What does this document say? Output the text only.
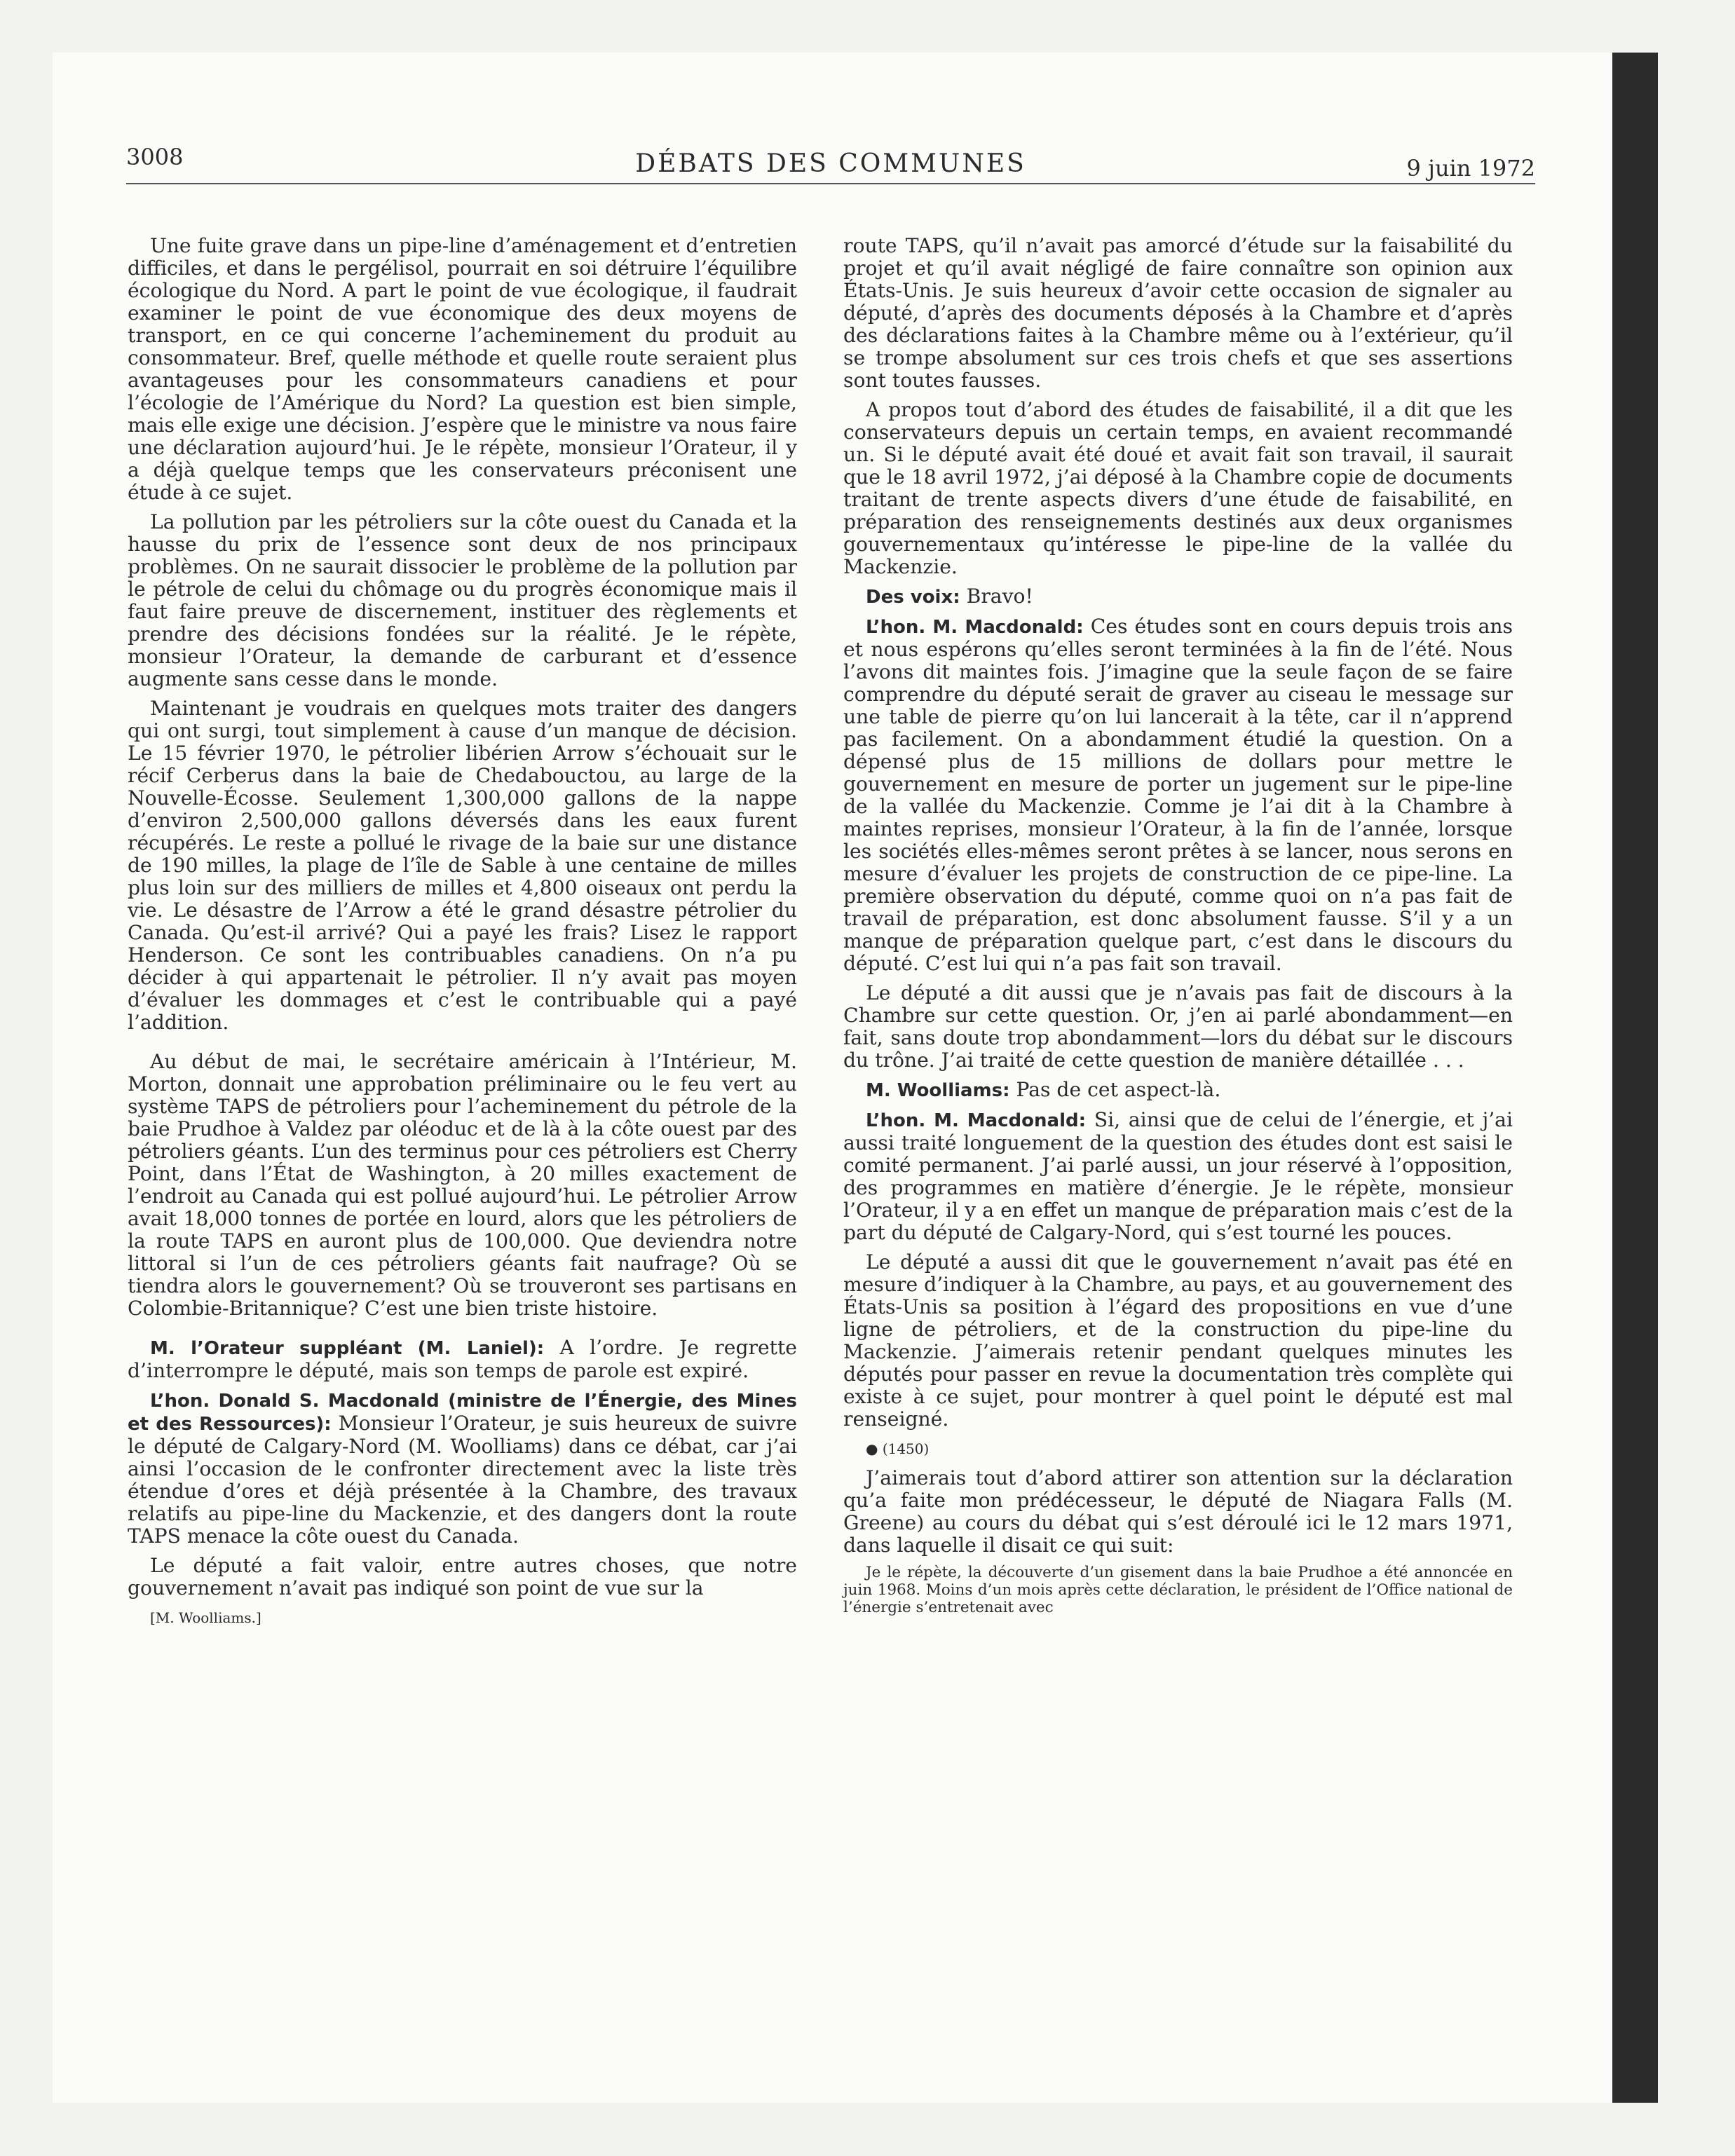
3008	DÉBATS DES COMMUNES	9 juin 1972

Une fuite grave dans un pipe-line d’aménagement et d’entretien difficiles, et dans le pergélisol, pourrait en soi détruire l’équilibre écologique du Nord. A part le point de vue écologique, il faudrait examiner le point de vue économique des deux moyens de transport, en ce qui concerne l’acheminement du produit au consommateur. Bref, quelle méthode et quelle route seraient plus avantageuses pour les consommateurs canadiens et pour l’écologie de l’Amérique du Nord? La question est bien simple, mais elle exige une décision. J’espère que le ministre va nous faire une déclaration aujourd’hui. Je le répète, monsieur l’Orateur, il y a déjà quelque temps que les conservateurs préconisent une étude à ce sujet.

La pollution par les pétroliers sur la côte ouest du Canada et la hausse du prix de l’essence sont deux de nos principaux problèmes. On ne saurait dissocier le problème de la pollution par le pétrole de celui du chômage ou du progrès économique mais il faut faire preuve de discernement, instituer des règlements et prendre des décisions fondées sur la réalité. Je le répète, monsieur l’Orateur, la demande de carburant et d’essence augmente sans cesse dans le monde.

Maintenant je voudrais en quelques mots traiter des dangers qui ont surgi, tout simplement à cause d’un manque de décision. Le 15 février 1970, le pétrolier libérien Arrow s’échouait sur le récif Cerberus dans la baie de Chedabouctou, au large de la Nouvelle-Écosse. Seulement 1,300,000 gallons de la nappe d’environ 2,500,000 gallons déversés dans les eaux furent récupérés. Le reste a pollué le rivage de la baie sur une distance de 190 milles, la plage de l’île de Sable à une centaine de milles plus loin sur des milliers de milles et 4,800 oiseaux ont perdu la vie. Le désastre de l’Arrow a été le grand désastre pétrolier du Canada. Qu’est-il arrivé? Qui a payé les frais? Lisez le rapport Henderson. Ce sont les contribuables canadiens. On n’a pu décider à qui appartenait le pétrolier. Il n’y avait pas moyen d’évaluer les dommages et c’est le contribuable qui a payé l’addition.

Au début de mai, le secrétaire américain à l’Intérieur, M. Morton, donnait une approbation préliminaire ou le feu vert au système TAPS de pétroliers pour l’acheminement du pétrole de la baie Prudhoe à Valdez par oléoduc et de là à la côte ouest par des pétroliers géants. L’un des terminus pour ces pétroliers est Cherry Point, dans l’État de Washington, à 20 milles exactement de l’endroit au Canada qui est pollué aujourd’hui. Le pétrolier Arrow avait 18,000 tonnes de portée en lourd, alors que les pétroliers de la route TAPS en auront plus de 100,000. Que deviendra notre littoral si l’un de ces pétroliers géants fait naufrage? Où se tiendra alors le gouvernement? Où se trouveront ses partisans en Colombie-Britannique? C’est une bien triste histoire.

M. l’Orateur suppléant (M. Laniel): A l’ordre. Je regrette d’interrompre le député, mais son temps de parole est expiré.

L’hon. Donald S. Macdonald (ministre de l’Énergie, des Mines et des Ressources): Monsieur l’Orateur, je suis heureux de suivre le député de Calgary-Nord (M. Woolliams) dans ce débat, car j’ai ainsi l’occasion de le confronter directement avec la liste très étendue d’ores et déjà présentée à la Chambre, des travaux relatifs au pipe-line du Mackenzie, et des dangers dont la route TAPS menace la côte ouest du Canada.

Le député a fait valoir, entre autres choses, que notre gouvernement n’avait pas indiqué son point de vue sur la

[M. Woolliams.]

route TAPS, qu’il n’avait pas amorcé d’étude sur la faisabilité du projet et qu’il avait négligé de faire connaître son opinion aux États-Unis. Je suis heureux d’avoir cette occasion de signaler au député, d’après des documents déposés à la Chambre et d’après des déclarations faites à la Chambre même ou à l’extérieur, qu’il se trompe absolument sur ces trois chefs et que ses assertions sont toutes fausses.

A propos tout d’abord des études de faisabilité, il a dit que les conservateurs depuis un certain temps, en avaient recommandé un. Si le député avait été doué et avait fait son travail, il saurait que le 18 avril 1972, j’ai déposé à la Chambre copie de documents traitant de trente aspects divers d’une étude de faisabilité, en préparation des renseignements destinés aux deux organismes gouvernementaux qu’intéresse le pipe-line de la vallée du Mackenzie.

Des voix: Bravo!

L’hon. M. Macdonald: Ces études sont en cours depuis trois ans et nous espérons qu’elles seront terminées à la fin de l’été. Nous l’avons dit maintes fois. J’imagine que la seule façon de se faire comprendre du député serait de graver au ciseau le message sur une table de pierre qu’on lui lancerait à la tête, car il n’apprend pas facilement. On a abondamment étudié la question. On a dépensé plus de 15 millions de dollars pour mettre le gouvernement en mesure de porter un jugement sur le pipe-line de la vallée du Mackenzie. Comme je l’ai dit à la Chambre à maintes reprises, monsieur l’Orateur, à la fin de l’année, lorsque les sociétés elles-mêmes seront prêtes à se lancer, nous serons en mesure d’évaluer les projets de construction de ce pipe-line. La première observation du député, comme quoi on n’a pas fait de travail de préparation, est donc absolument fausse. S’il y a un manque de préparation quelque part, c’est dans le discours du député. C’est lui qui n’a pas fait son travail.

Le député a dit aussi que je n’avais pas fait de discours à la Chambre sur cette question. Or, j’en ai parlé abondamment—en fait, sans doute trop abondamment—lors du débat sur le discours du trône. J’ai traité de cette question de manière détaillée . . .

M. Woolliams: Pas de cet aspect-là.

L’hon. M. Macdonald: Si, ainsi que de celui de l’énergie, et j’ai aussi traité longuement de la question des études dont est saisi le comité permanent. J’ai parlé aussi, un jour réservé à l’opposition, des programmes en matière d’énergie. Je le répète, monsieur l’Orateur, il y a en effet un manque de préparation mais c’est de la part du député de Calgary-Nord, qui s’est tourné les pouces.

Le député a aussi dit que le gouvernement n’avait pas été en mesure d’indiquer à la Chambre, au pays, et au gouvernement des États-Unis sa position à l’égard des propositions en vue d’une ligne de pétroliers, et de la construction du pipe-line du Mackenzie. J’aimerais retenir pendant quelques minutes les députés pour passer en revue la documentation très complète qui existe à ce sujet, pour montrer à quel point le député est mal renseigné.

● (1450)

J’aimerais tout d’abord attirer son attention sur la déclaration qu’a faite mon prédécesseur, le député de Niagara Falls (M. Greene) au cours du débat qui s’est déroulé ici le 12 mars 1971, dans laquelle il disait ce qui suit:

Je le répète, la découverte d’un gisement dans la baie Prudhoe a été annoncée en juin 1968. Moins d’un mois après cette déclaration, le président de l’Office national de l’énergie s’entretenait avec
